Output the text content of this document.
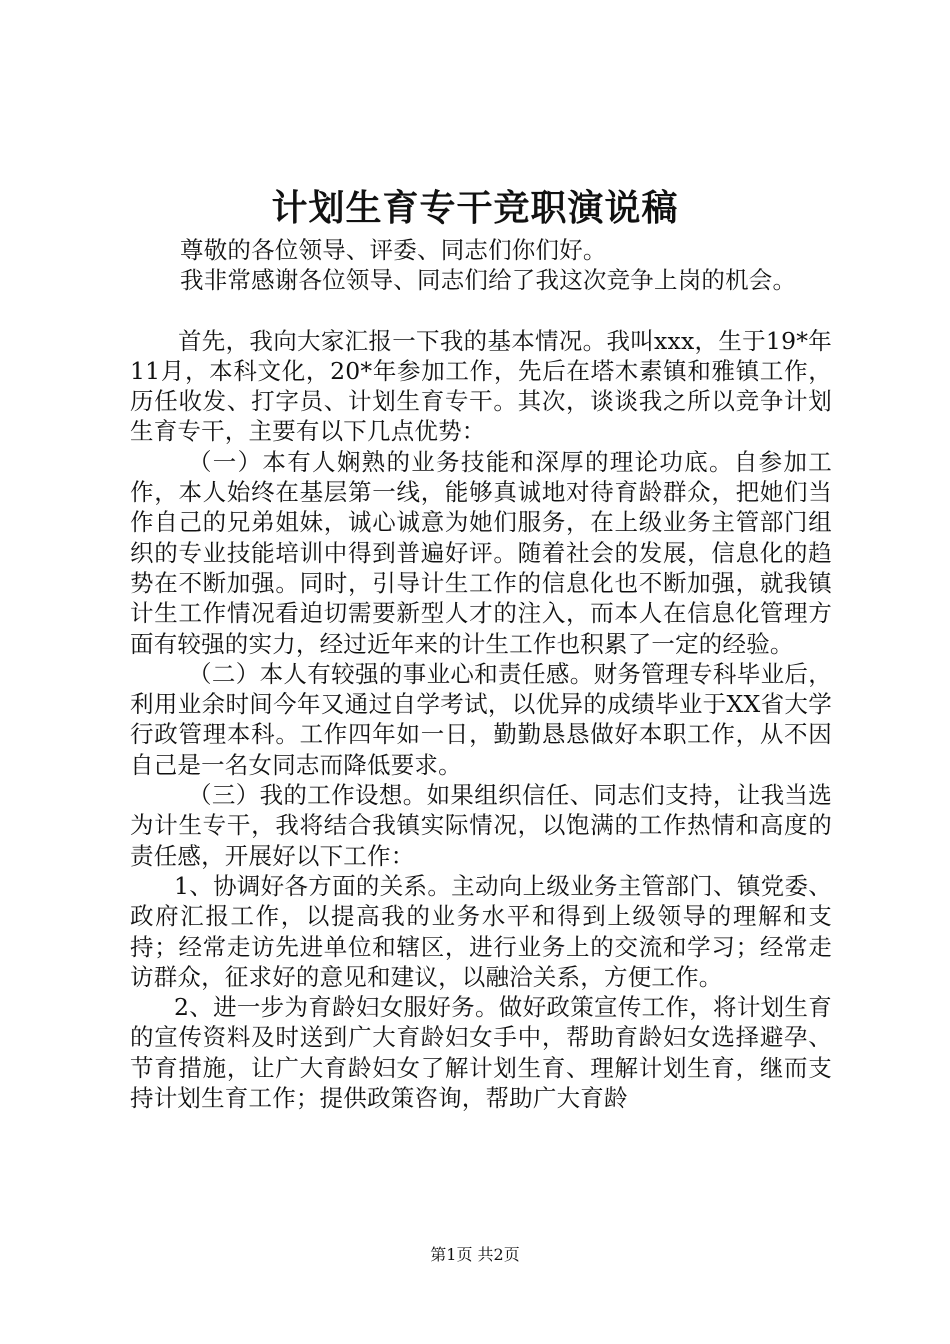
计划生育专干竞职演说稿

尊敬的各位领导、评委、同志们你们好。

我非常感谢各位领导、同志们给了我这次竞争上岗的机会。

首先，我向大家汇报一下我的基本情况。我叫xxx，生于19*年11月，本科文化，20*年参加工作，先后在塔木素镇和雅镇工作，历任收发、打字员、计划生育专干。其次，谈谈我之所以竞争计划生育专干，主要有以下几点优势：

（一）本有人娴熟的业务技能和深厚的理论功底。自参加工作，本人始终在基层第一线，能够真诚地对待育龄群众，把她们当作自己的兄弟姐妹，诚心诚意为她们服务，在上级业务主管部门组织的专业技能培训中得到普遍好评。随着社会的发展，信息化的趋势在不断加强。同时，引导计生工作的信息化也不断加强，就我镇计生工作情况看迫切需要新型人才的注入，而本人在信息化管理方面有较强的实力，经过近年来的计生工作也积累了一定的经验。

（二）本人有较强的事业心和责任感。财务管理专科毕业后，利用业余时间今年又通过自学考试，以优异的成绩毕业于XX省大学行政管理本科。工作四年如一日，勤勤恳恳做好本职工作，从不因自己是一名女同志而降低要求。

（三）我的工作设想。如果组织信任、同志们支持，让我当选为计生专干，我将结合我镇实际情况，以饱满的工作热情和高度的责任感，开展好以下工作：

1、协调好各方面的关系。主动向上级业务主管部门、镇党委、政府汇报工作，以提高我的业务水平和得到上级领导的理解和支持；经常走访先进单位和辖区，进行业务上的交流和学习；经常走访群众，征求好的意见和建议，以融洽关系，方便工作。

2、进一步为育龄妇女服好务。做好政策宣传工作，将计划生育的宣传资料及时送到广大育龄妇女手中，帮助育龄妇女选择避孕、节育措施，让广大育龄妇女了解计划生育、理解计划生育，继而支持计划生育工作；提供政策咨询，帮助广大育龄

第1页 共2页
